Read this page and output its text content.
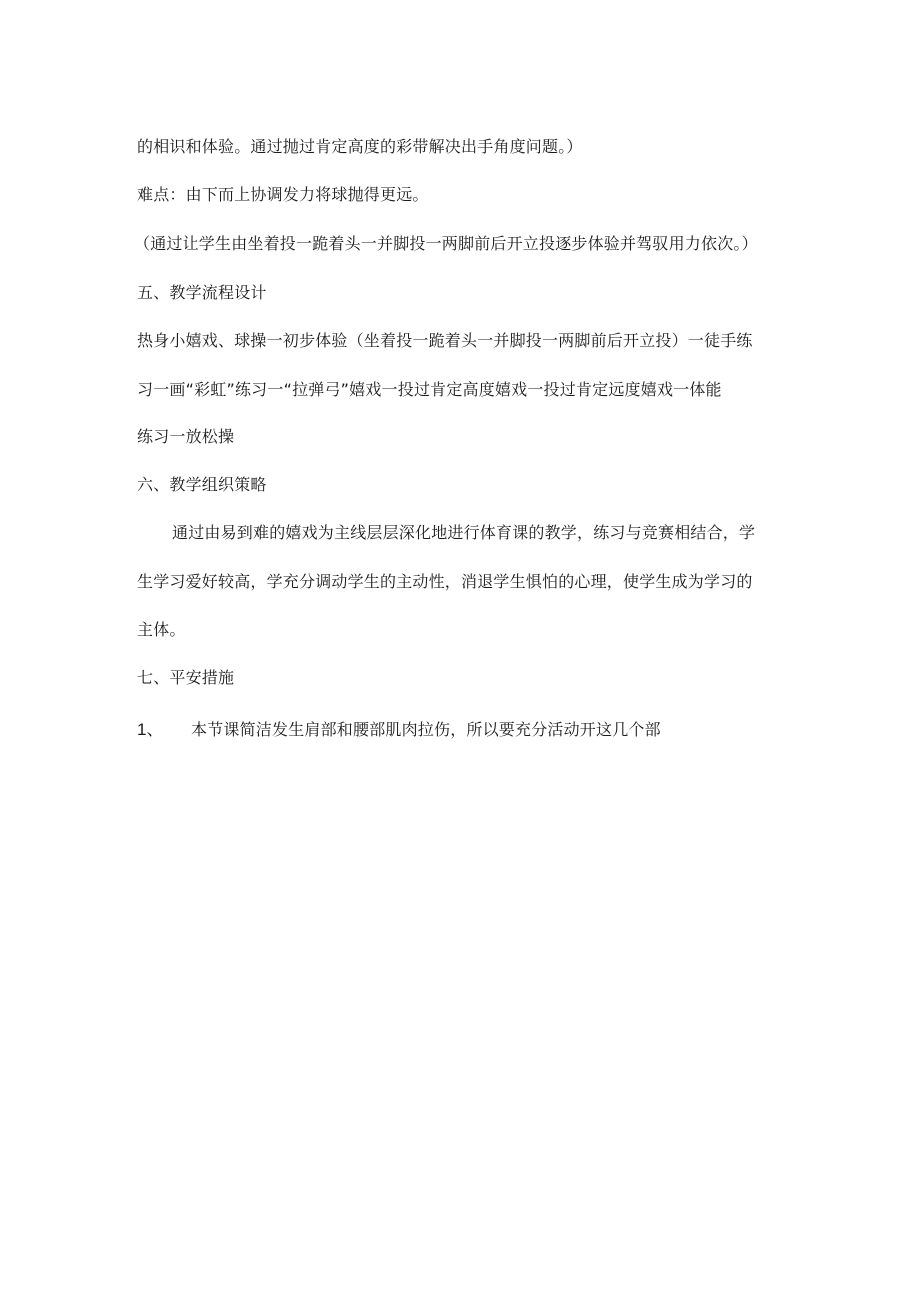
的相识和体验。通过抛过肯定高度的彩带解决出手角度问题。）
难点：由下而上协调发力将球抛得更远。
（通过让学生由坐着投一跪着头一并脚投一两脚前后开立投逐步体验并驾驭用力依次。）
五、教学流程设计
热身小嬉戏、球操一初步体验（坐着投一跪着头一并脚投一两脚前后开立投）一徒手练
习一画“彩虹”练习一“拉弹弓”嬉戏一投过肯定高度嬉戏一投过肯定远度嬉戏一体能
练习一放松操
六、教学组织策略
通过由易到难的嬉戏为主线层层深化地进行体育课的教学，练习与竞赛相结合，学
生学习爱好较高，学充分调动学生的主动性，消退学生惧怕的心理，使学生成为学习的
主体。
七、平安措施
1、 本节课简洁发生肩部和腰部肌肉拉伤，所以要充分活动开这几个部
